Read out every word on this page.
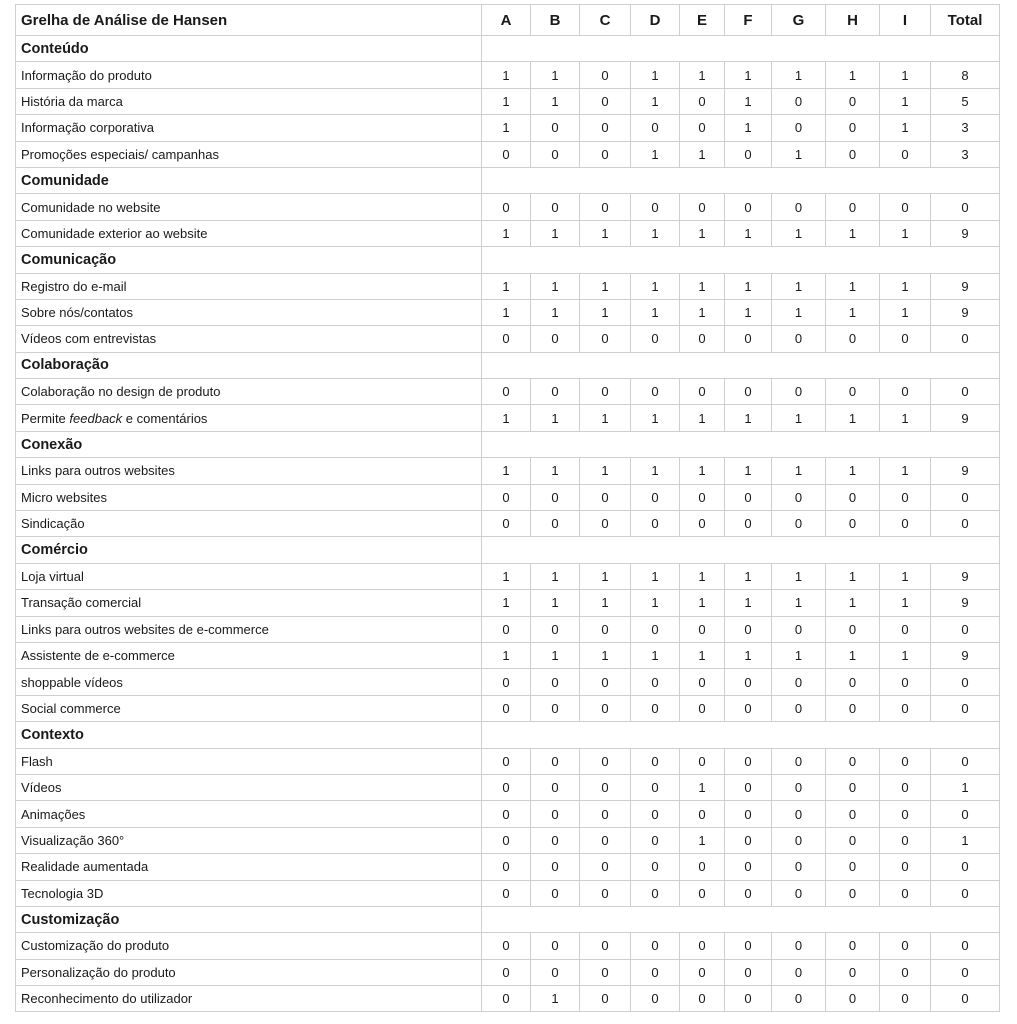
Grelha de Análise de Hansen	A	B	C	D	E	F	G	H	I	Total
Conteúdo										
Informação do produto	1	1	0	1	1	1	1	1	1	8
História da marca	1	1	0	1	0	1	0	0	1	5
Informação corporativa	1	0	0	0	0	1	0	0	1	3
Promoções especiais/ campanhas	0	0	0	1	1	0	1	0	0	3
Comunidade										
Comunidade no website	0	0	0	0	0	0	0	0	0	0
Comunidade exterior ao website	1	1	1	1	1	1	1	1	1	9
Comunicação										
Registro do e-mail	1	1	1	1	1	1	1	1	1	9
Sobre nós/contatos	1	1	1	1	1	1	1	1	1	9
Vídeos com entrevistas	0	0	0	0	0	0	0	0	0	0
Colaboração										
Colaboração no design de produto	0	0	0	0	0	0	0	0	0	0
Permite feedback e comentários	1	1	1	1	1	1	1	1	1	9
Conexão										
Links para outros websites	1	1	1	1	1	1	1	1	1	9
Micro websites	0	0	0	0	0	0	0	0	0	0
Sindicação	0	0	0	0	0	0	0	0	0	0
Comércio										
Loja virtual	1	1	1	1	1	1	1	1	1	9
Transação comercial	1	1	1	1	1	1	1	1	1	9
Links para outros websites de e-commerce	0	0	0	0	0	0	0	0	0	0
Assistente de e-commerce	1	1	1	1	1	1	1	1	1	9
shoppable vídeos	0	0	0	0	0	0	0	0	0	0
Social commerce	0	0	0	0	0	0	0	0	0	0
Contexto										
Flash	0	0	0	0	0	0	0	0	0	0
Vídeos	0	0	0	0	1	0	0	0	0	1
Animações	0	0	0	0	0	0	0	0	0	0
Visualização 360°	0	0	0	0	1	0	0	0	0	1
Realidade aumentada	0	0	0	0	0	0	0	0	0	0
Tecnologia 3D	0	0	0	0	0	0	0	0	0	0
Customização										
Customização do produto	0	0	0	0	0	0	0	0	0	0
Personalização do produto	0	0	0	0	0	0	0	0	0	0
Reconhecimento do utilizador	0	1	0	0	0	0	0	0	0	0
